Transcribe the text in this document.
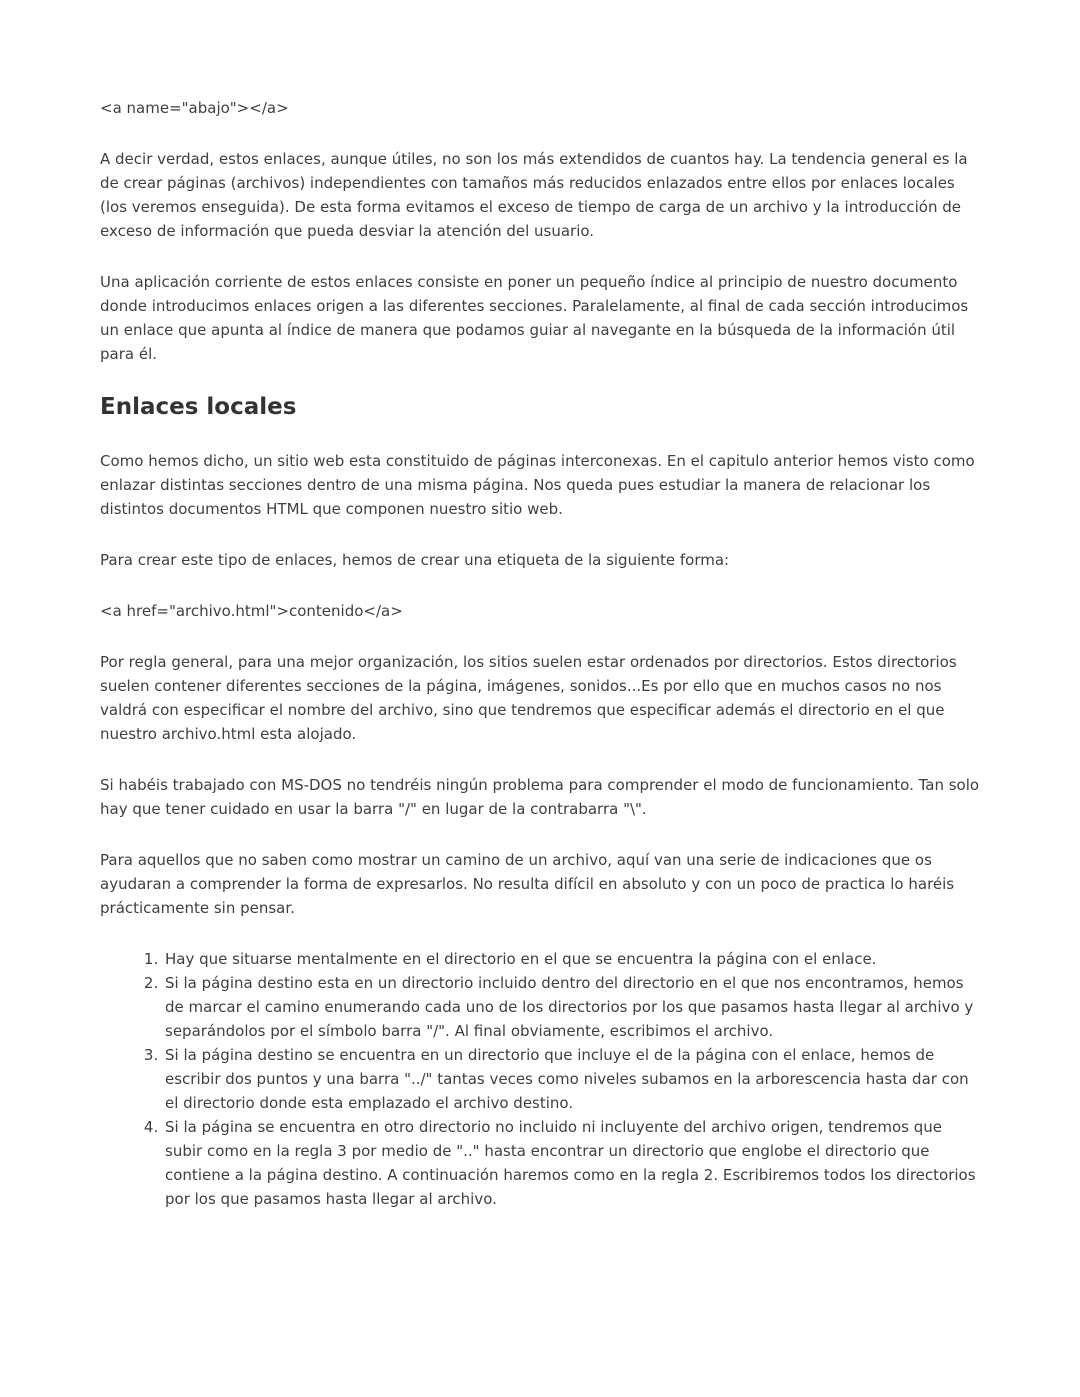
<a name="abajo"></a>

A decir verdad, estos enlaces, aunque útiles, no son los más extendidos de cuantos hay. La tendencia general es la de crear páginas (archivos) independientes con tamaños más reducidos enlazados entre ellos por enlaces locales (los veremos enseguida). De esta forma evitamos el exceso de tiempo de carga de un archivo y la introducción de exceso de información que pueda desviar la atención del usuario.

Una aplicación corriente de estos enlaces consiste en poner un pequeño índice al principio de nuestro documento donde introducimos enlaces origen a las diferentes secciones. Paralelamente, al final de cada sección introducimos un enlace que apunta al índice de manera que podamos guiar al navegante en la búsqueda de la información útil para él.

Enlaces locales

Como hemos dicho, un sitio web esta constituido de páginas interconexas. En el capitulo anterior hemos visto como enlazar distintas secciones dentro de una misma página. Nos queda pues estudiar la manera de relacionar los distintos documentos HTML que componen nuestro sitio web.

Para crear este tipo de enlaces, hemos de crear una etiqueta de la siguiente forma:

<a href="archivo.html">contenido</a>

Por regla general, para una mejor organización, los sitios suelen estar ordenados por directorios. Estos directorios suelen contener diferentes secciones de la página, imágenes, sonidos...Es por ello que en muchos casos no nos valdrá con especificar el nombre del archivo, sino que tendremos que especificar además el directorio en el que nuestro archivo.html esta alojado.

Si habéis trabajado con MS-DOS no tendréis ningún problema para comprender el modo de funcionamiento. Tan solo hay que tener cuidado en usar la barra "/" en lugar de la contrabarra "\".

Para aquellos que no saben como mostrar un camino de un archivo, aquí van una serie de indicaciones que os ayudaran a comprender la forma de expresarlos. No resulta difícil en absoluto y con un poco de practica lo haréis prácticamente sin pensar.

1. Hay que situarse mentalmente en el directorio en el que se encuentra la página con el enlace.
2. Si la página destino esta en un directorio incluido dentro del directorio en el que nos encontramos, hemos de marcar el camino enumerando cada uno de los directorios por los que pasamos hasta llegar al archivo y separándolos por el símbolo barra "/". Al final obviamente, escribimos el archivo.
3. Si la página destino se encuentra en un directorio que incluye el de la página con el enlace, hemos de escribir dos puntos y una barra "../" tantas veces como niveles subamos en la arborescencia hasta dar con el directorio donde esta emplazado el archivo destino.
4. Si la página se encuentra en otro directorio no incluido ni incluyente del archivo origen, tendremos que subir como en la regla 3 por medio de ".." hasta encontrar un directorio que englobe el directorio que contiene a la página destino. A continuación haremos como en la regla 2. Escribiremos todos los directorios por los que pasamos hasta llegar al archivo.
